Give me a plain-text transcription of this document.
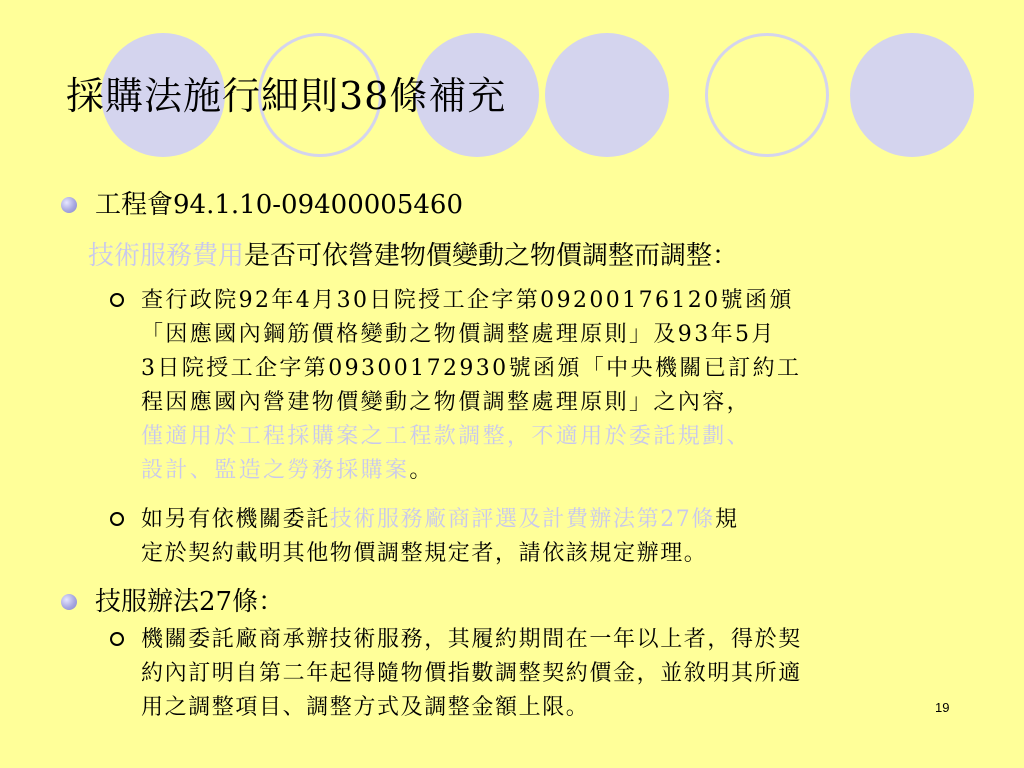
採購法施行細則38條補充
工程會94.1.10-09400005460
技術服務費用是否可依營建物價變動之物價調整而調整：
查行政院92年4月30日院授工企字第09200176120號函頒
「因應國內鋼筋價格變動之物價調整處理原則」及93年5月
3日院授工企字第09300172930號函頒「中央機關已訂約工
程因應國內營建物價變動之物價調整處理原則」之內容，
僅適用於工程採購案之工程款調整，不適用於委託規劃、
設計、監造之勞務採購案。
如另有依機關委託技術服務廠商評選及計費辦法第27條規
定於契約載明其他物價調整規定者，請依該規定辦理。
技服辦法27條：
機關委託廠商承辦技術服務，其履約期間在一年以上者，得於契
約內訂明自第二年起得隨物價指數調整契約價金，並敘明其所適
用之調整項目、調整方式及調整金額上限。	19
